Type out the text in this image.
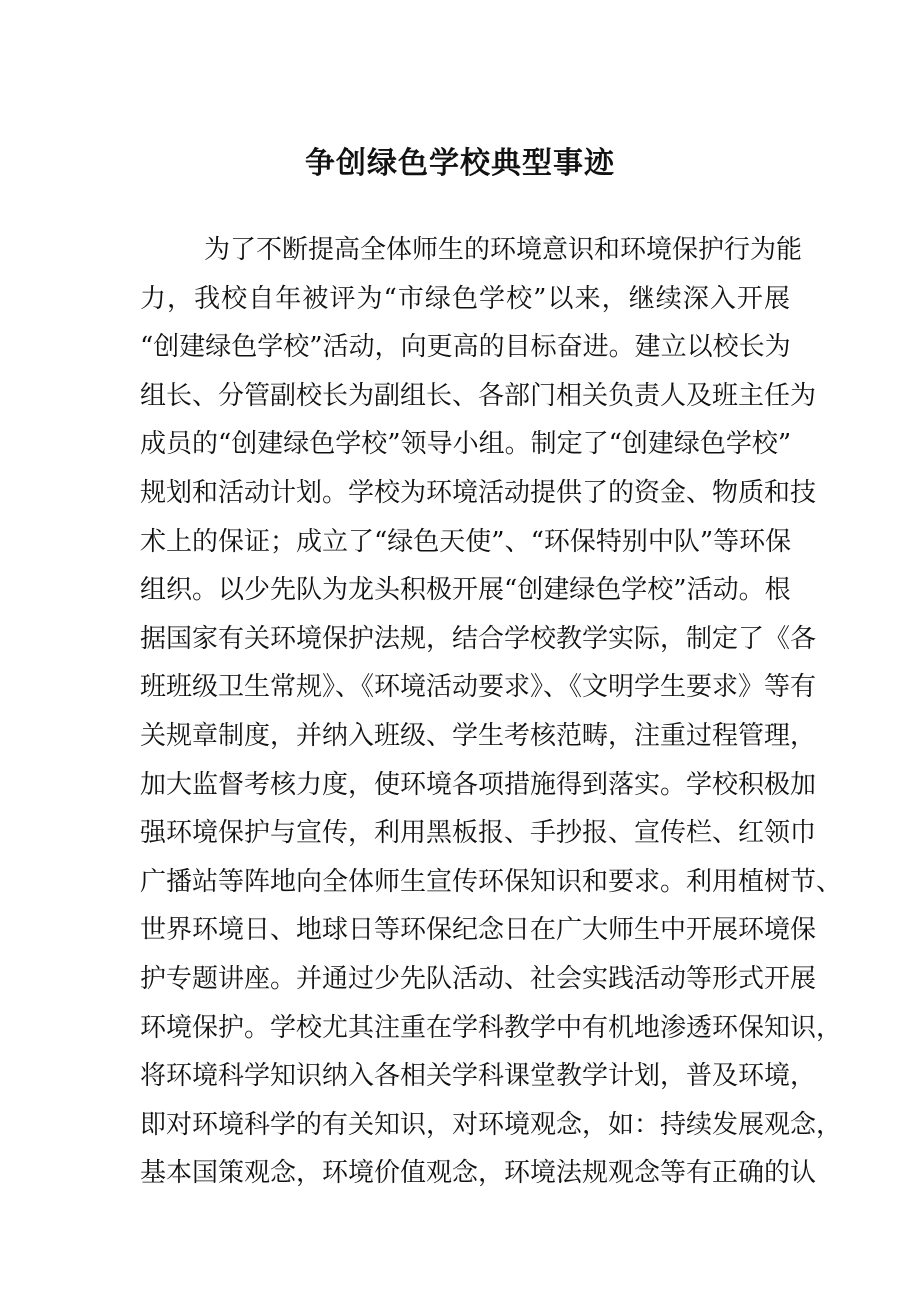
争创绿色学校典型事迹
为了不断提高全体师生的环境意识和环境保护行为能
力，我校自年被评为“市绿色学校”以来，继续深入开展
“创建绿色学校”活动，向更高的目标奋进。建立以校长为
组长、分管副校长为副组长、各部门相关负责人及班主任为
成员的“创建绿色学校”领导小组。制定了“创建绿色学校”
规划和活动计划。学校为环境活动提供了的资金、物质和技
术上的保证；成立了“绿色天使”、“环保特别中队”等环保
组织。以少先队为龙头积极开展“创建绿色学校”活动。根
据国家有关环境保护法规，结合学校教学实际，制定了《各
班班级卫生常规》、《环境活动要求》、《文明学生要求》等有
关规章制度，并纳入班级、学生考核范畴，注重过程管理，
加大监督考核力度，使环境各项措施得到落实。学校积极加
强环境保护与宣传，利用黑板报、手抄报、宣传栏、红领巾
广播站等阵地向全体师生宣传环保知识和要求。利用植树节、
世界环境日、地球日等环保纪念日在广大师生中开展环境保
护专题讲座。并通过少先队活动、社会实践活动等形式开展
环境保护。学校尤其注重在学科教学中有机地渗透环保知识，
将环境科学知识纳入各相关学科课堂教学计划，普及环境，
即对环境科学的有关知识，对环境观念，如：持续发展观念，
基本国策观念，环境价值观念，环境法规观念等有正确的认
